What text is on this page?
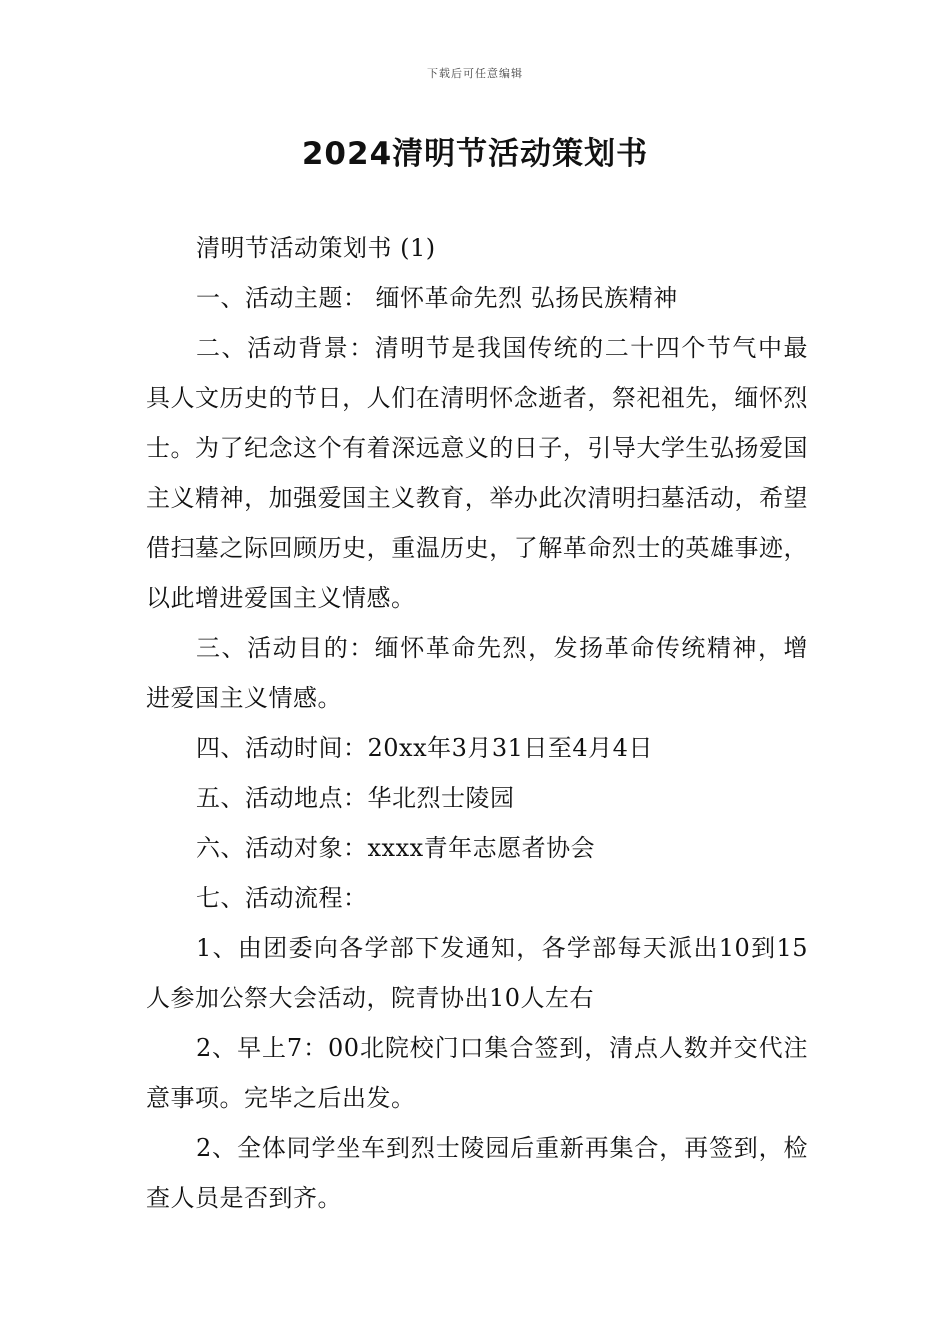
下载后可任意编辑
2024清明节活动策划书

清明节活动策划书 (1)

一、活动主题： 缅怀革命先烈 弘扬民族精神

二、活动背景：清明节是我国传统的二十四个节气中最具人文历史的节日，人们在清明怀念逝者，祭祀祖先，缅怀烈 士。为了纪念这个有着深远意义的日子，引导大学生弘扬爱国主义精神，加强爱国主义教育，举办此次清明扫墓活动，希望借扫墓之际回顾历史，重温历史，了解革命烈士的英雄事迹，以此增进爱国主义情感。

三、活动目的：缅怀革命先烈，发扬革命传统精神，增进爱国主义情感。

四、活动时间：20xx年3月31日至4月4日

五、活动地点：华北烈士陵园

六、活动对象：xxxx青年志愿者协会

七、活动流程：

1、由团委向各学部下发通知，各学部每天派出10到15人参加公祭大会活动，院青协出10人左右

2、早上7：00北院校门口集合签到，清点人数并交代注意事项。完毕之后出发。

2、全体同学坐车到烈士陵园后重新再集合，再签到，检查人员是否到齐。
